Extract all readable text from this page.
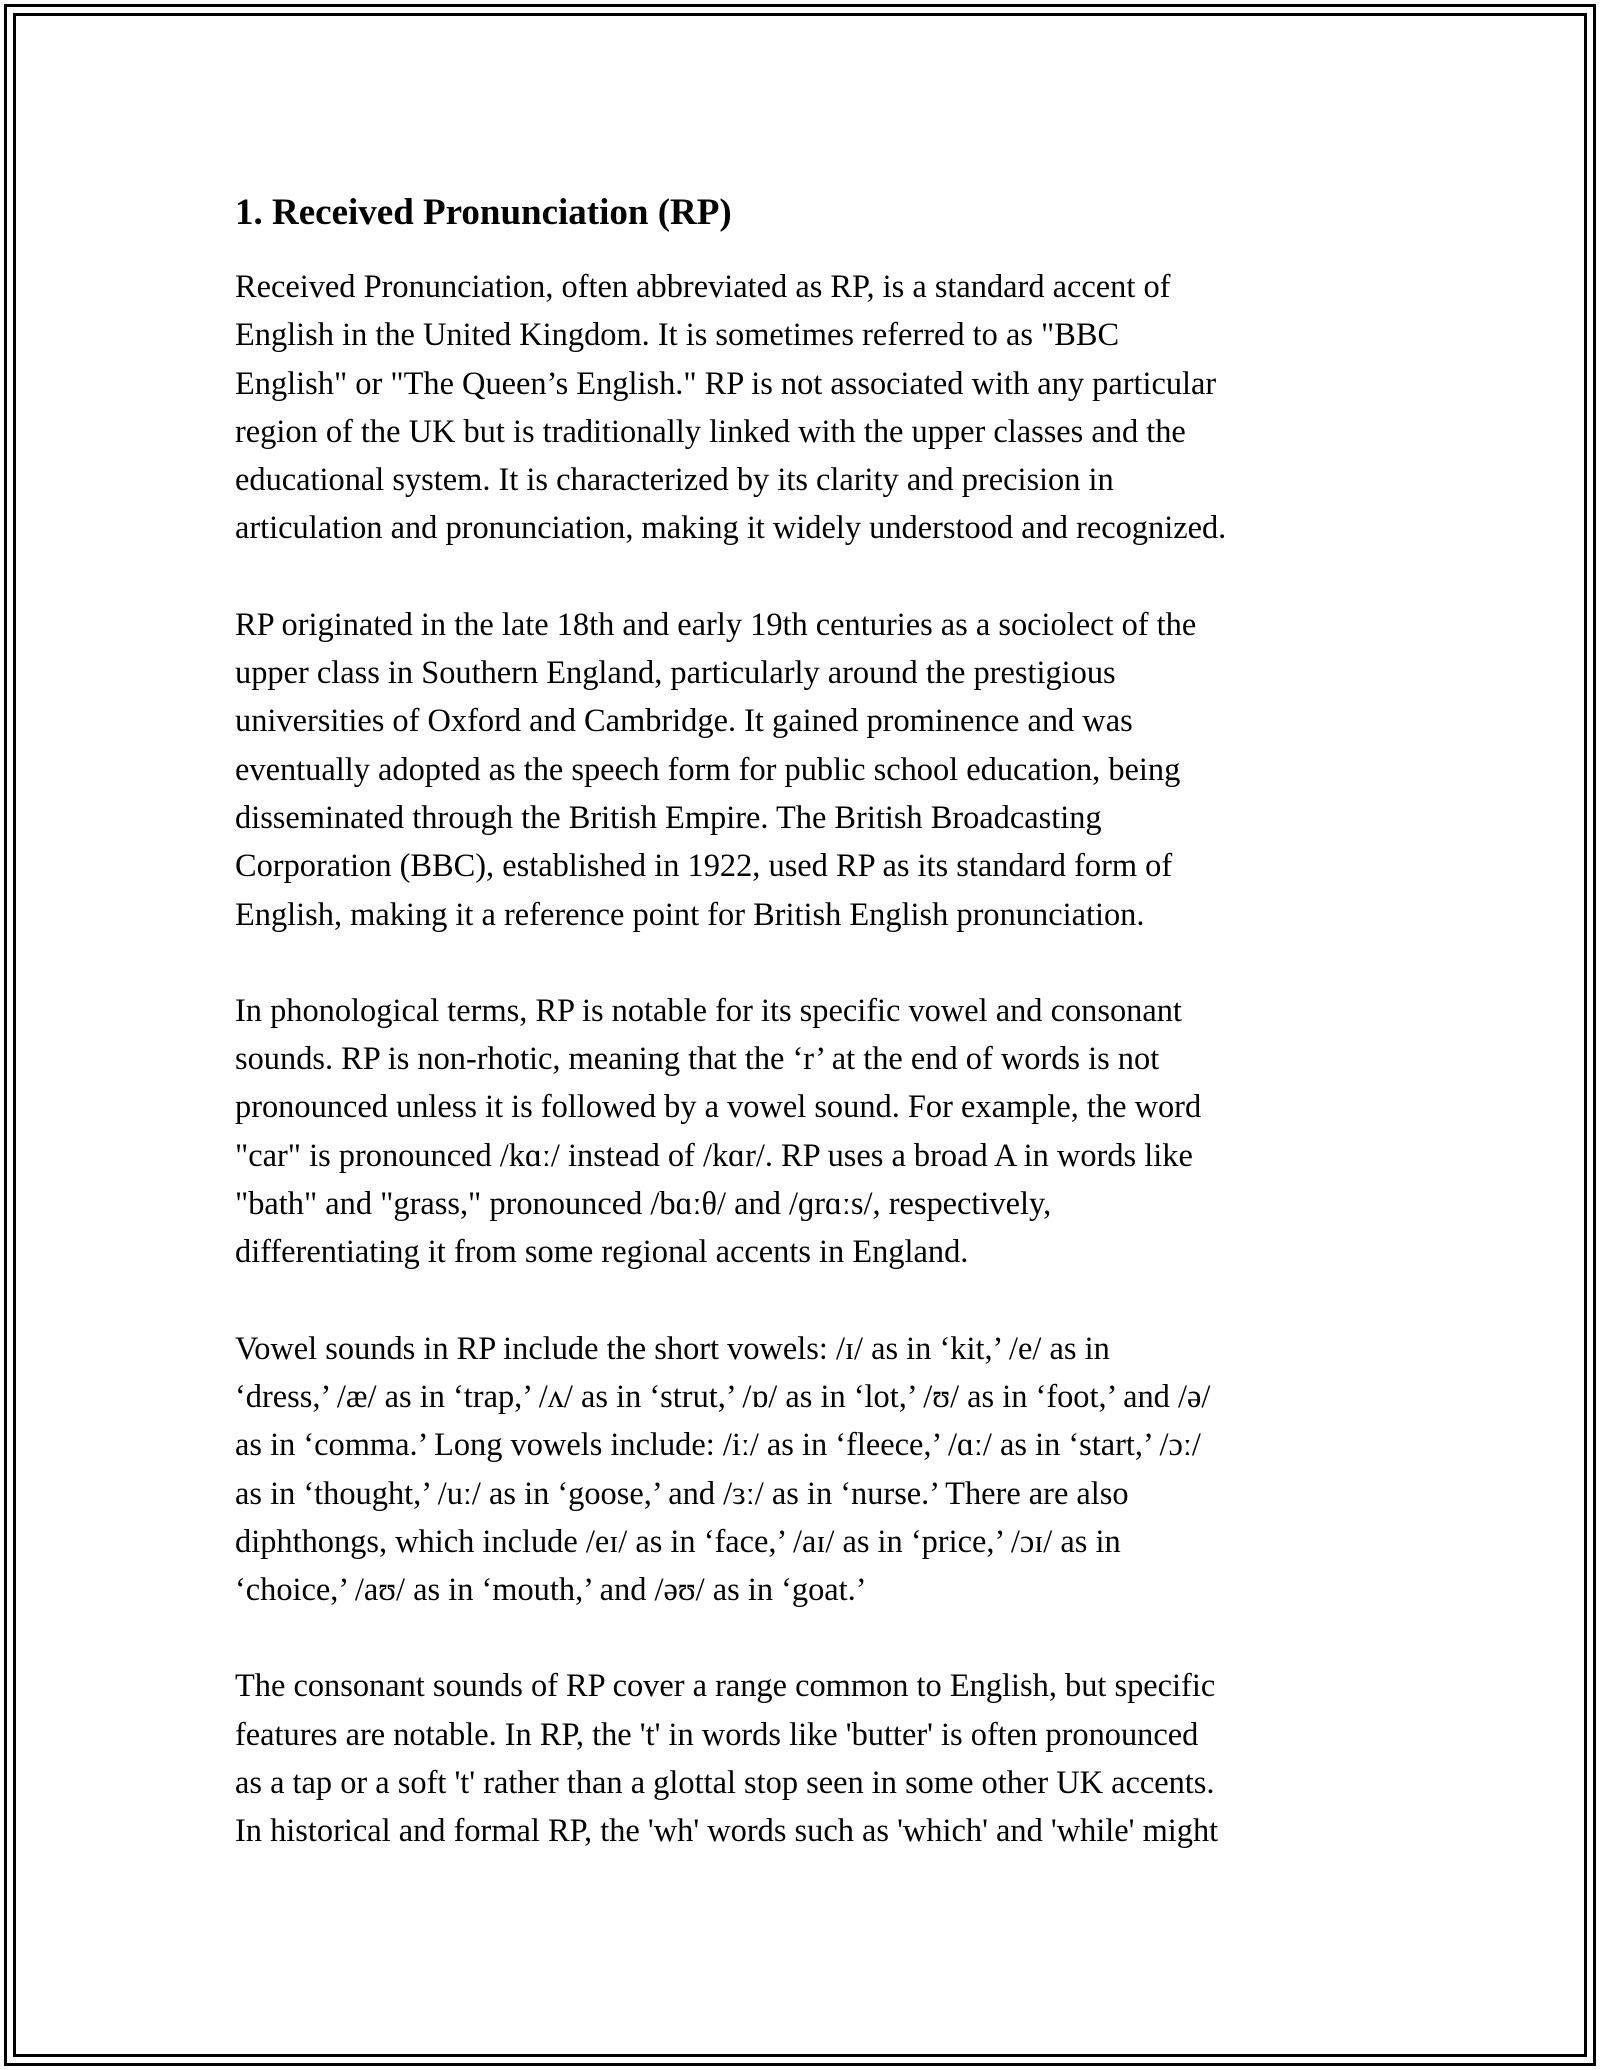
1. Received Pronunciation (RP)

Received Pronunciation, often abbreviated as RP, is a standard accent of
English in the United Kingdom. It is sometimes referred to as "BBC
English" or "The Queen’s English." RP is not associated with any particular
region of the UK but is traditionally linked with the upper classes and the
educational system. It is characterized by its clarity and precision in
articulation and pronunciation, making it widely understood and recognized.

RP originated in the late 18th and early 19th centuries as a sociolect of the
upper class in Southern England, particularly around the prestigious
universities of Oxford and Cambridge. It gained prominence and was
eventually adopted as the speech form for public school education, being
disseminated through the British Empire. The British Broadcasting
Corporation (BBC), established in 1922, used RP as its standard form of
English, making it a reference point for British English pronunciation.

In phonological terms, RP is notable for its specific vowel and consonant
sounds. RP is non-rhotic, meaning that the ‘r’ at the end of words is not
pronounced unless it is followed by a vowel sound. For example, the word
"car" is pronounced /kɑː/ instead of /kɑr/. RP uses a broad A in words like
"bath" and "grass," pronounced /bɑːθ/ and /ɡrɑːs/, respectively,
differentiating it from some regional accents in England.

Vowel sounds in RP include the short vowels: /ɪ/ as in ‘kit,’ /e/ as in
‘dress,’ /æ/ as in ‘trap,’ /ʌ/ as in ‘strut,’ /ɒ/ as in ‘lot,’ /ʊ/ as in ‘foot,’ and /ə/
as in ‘comma.’ Long vowels include: /iː/ as in ‘fleece,’ /ɑː/ as in ‘start,’ /ɔː/
as in ‘thought,’ /uː/ as in ‘goose,’ and /ɜː/ as in ‘nurse.’ There are also
diphthongs, which include /eɪ/ as in ‘face,’ /aɪ/ as in ‘price,’ /ɔɪ/ as in
‘choice,’ /aʊ/ as in ‘mouth,’ and /əʊ/ as in ‘goat.’

The consonant sounds of RP cover a range common to English, but specific
features are notable. In RP, the 't' in words like 'butter' is often pronounced
as a tap or a soft 't' rather than a glottal stop seen in some other UK accents.
In historical and formal RP, the 'wh' words such as 'which' and 'while' might
